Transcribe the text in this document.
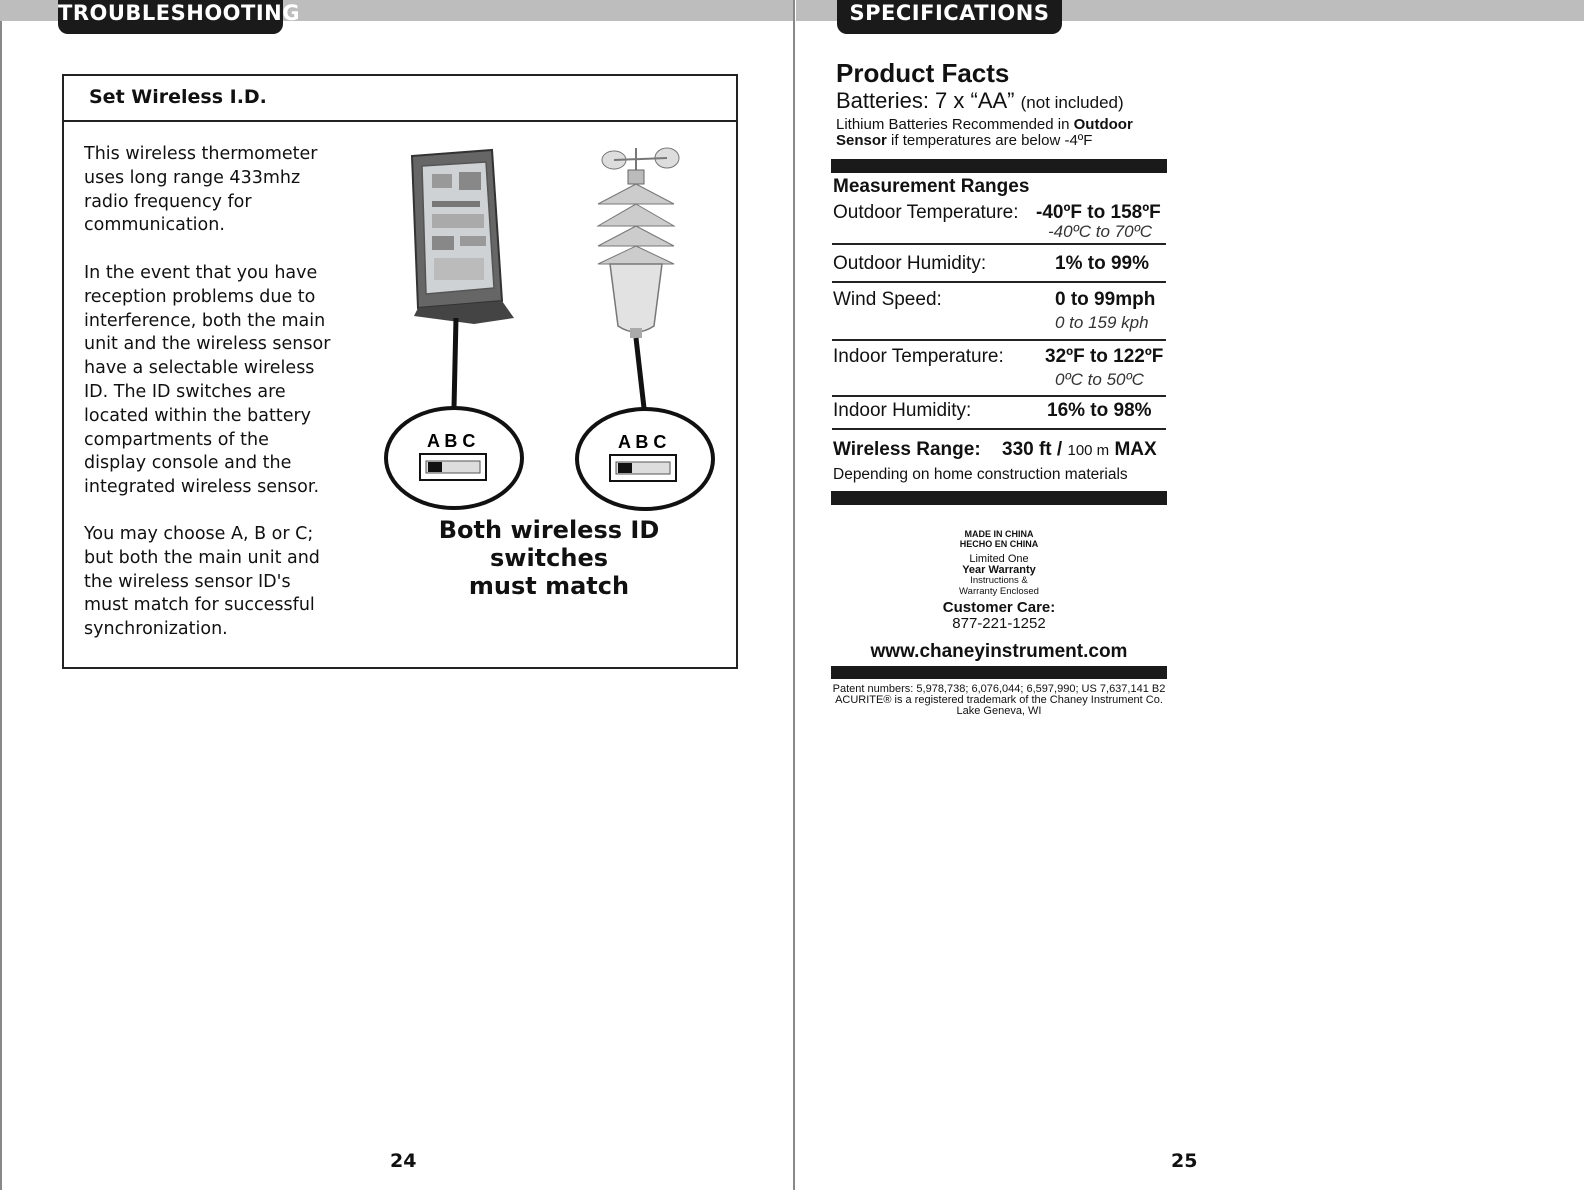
TROUBLESHOOTING
Set Wireless I.D.
This wireless thermometer
uses long range 433mhz
radio frequency for
communication.
In the event that you have
reception problems due to
interference, both the main
unit and the wireless sensor
have a selectable wireless
ID. The ID switches are
located within the battery
compartments of the
display console and the
integrated wireless sensor.
You may choose A, B or C;
but both the main unit and
the wireless sensor ID's
must match for successful
synchronization.
A B C	A B C
Both wireless ID
switches
must match
24
SPECIFICATIONS
Product Facts
Batteries: 7 x “AA” (not included)
Lithium Batteries Recommended in Outdoor Sensor if temperatures are below -4ºF
Measurement Ranges
Outdoor Temperature: -40ºF to 158ºF
-40ºC to 70ºC
Outdoor Humidity:	1% to 99%
Wind Speed:	0 to 99mph
0 to 159 kph
Indoor Temperature: 32ºF to 122ºF
0ºC to 50ºC
Indoor Humidity:	16% to 98%
Wireless Range: 330 ft / 100 m MAX
Depending on home construction materials
MADE IN CHINA
HECHO EN CHINA
Limited One
Year Warranty
Instructions &
Warranty Enclosed
Customer Care:
877-221-1252
www.chaneyinstrument.com
Patent numbers: 5,978,738; 6,076,044; 6,597,990; US 7,637,141 B2
ACURITE® is a registered trademark of the Chaney Instrument Co.
Lake Geneva, WI
25
